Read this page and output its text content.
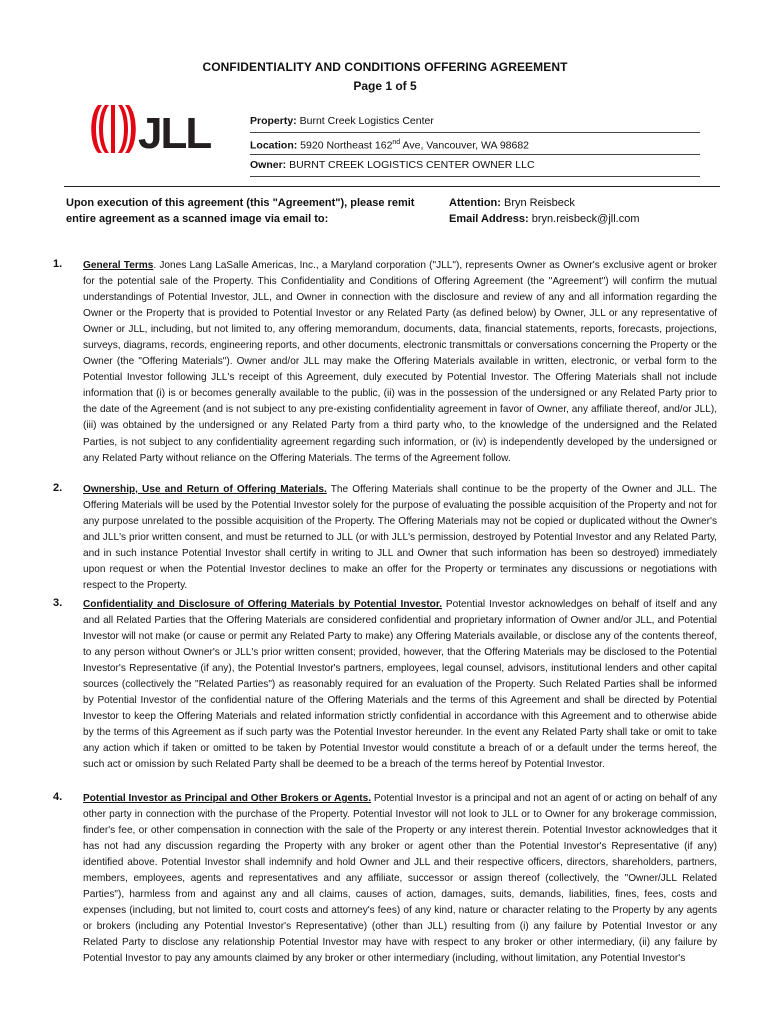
CONFIDENTIALITY AND CONDITIONS OFFERING AGREEMENT
Page 1 of 5
JLL	Property: Burnt Creek Logistics Center
Location: 5920 Northeast 162nd Ave, Vancouver, WA 98682
Owner: BURNT CREEK LOGISTICS CENTER OWNER LLC
Upon execution of this agreement (this "Agreement"), please remit entire agreement as a scanned image via email to:
Attention: Bryn Reisbeck
Email Address: bryn.reisbeck@jll.com
1. General Terms. Jones Lang LaSalle Americas, Inc., a Maryland corporation ("JLL"), represents Owner as Owner's exclusive agent or broker for the potential sale of the Property. This Confidentiality and Conditions of Offering Agreement (the "Agreement") will confirm the mutual understandings of Potential Investor, JLL, and Owner in connection with the disclosure and review of any and all information regarding the Owner or the Property that is provided to Potential Investor or any Related Party (as defined below) by Owner, JLL or any representative of Owner or JLL, including, but not limited to, any offering memorandum, documents, data, financial statements, reports, forecasts, projections, surveys, diagrams, records, engineering reports, and other documents, electronic transmittals or conversations concerning the Property or the Owner (the "Offering Materials"). Owner and/or JLL may make the Offering Materials available in written, electronic, or verbal form to the Potential Investor following JLL's receipt of this Agreement, duly executed by Potential Investor. The Offering Materials shall not include information that (i) is or becomes generally available to the public, (ii) was in the possession of the undersigned or any Related Party prior to the date of the Agreement (and is not subject to any pre-existing confidentiality agreement in favor of Owner, any affiliate thereof, and/or JLL), (iii) was obtained by the undersigned or any Related Party from a third party who, to the knowledge of the undersigned and the Related Parties, is not subject to any confidentiality agreement regarding such information, or (iv) is independently developed by the undersigned or any Related Party without reliance on the Offering Materials. The terms of the Agreement follow.
2. Ownership, Use and Return of Offering Materials. The Offering Materials shall continue to be the property of the Owner and JLL. The Offering Materials will be used by the Potential Investor solely for the purpose of evaluating the possible acquisition of the Property and not for any purpose unrelated to the possible acquisition of the Property. The Offering Materials may not be copied or duplicated without the Owner's and JLL's prior written consent, and must be returned to JLL (or with JLL's permission, destroyed by Potential Investor and any Related Party, and in such instance Potential Investor shall certify in writing to JLL and Owner that such information has been so destroyed) immediately upon request or when the Potential Investor declines to make an offer for the Property or terminates any discussions or negotiations with respect to the Property.
3. Confidentiality and Disclosure of Offering Materials by Potential Investor. Potential Investor acknowledges on behalf of itself and any and all Related Parties that the Offering Materials are considered confidential and proprietary information of Owner and/or JLL, and Potential Investor will not make (or cause or permit any Related Party to make) any Offering Materials available, or disclose any of the contents thereof, to any person without Owner's or JLL's prior written consent; provided, however, that the Offering Materials may be disclosed to the Potential Investor's Representative (if any), the Potential Investor's partners, employees, legal counsel, advisors, institutional lenders and other capital sources (collectively the "Related Parties") as reasonably required for an evaluation of the Property. Such Related Parties shall be informed by Potential Investor of the confidential nature of the Offering Materials and the terms of this Agreement and shall be directed by Potential Investor to keep the Offering Materials and related information strictly confidential in accordance with this Agreement and to otherwise abide by the terms of this Agreement as if such party was the Potential Investor hereunder. In the event any Related Party shall take or omit to take any action which if taken or omitted to be taken by Potential Investor would constitute a breach of or a default under the terms hereof, the such act or omission by such Related Party shall be deemed to be a breach of the terms hereof by Potential Investor.
4. Potential Investor as Principal and Other Brokers or Agents. Potential Investor is a principal and not an agent of or acting on behalf of any other party in connection with the purchase of the Property. Potential Investor will not look to JLL or to Owner for any brokerage commission, finder's fee, or other compensation in connection with the sale of the Property or any interest therein. Potential Investor acknowledges that it has not had any discussion regarding the Property with any broker or agent other than the Potential Investor's Representative (if any) identified above. Potential Investor shall indemnify and hold Owner and JLL and their respective officers, directors, shareholders, partners, members, employees, agents and representatives and any affiliate, successor or assign thereof (collectively, the "Owner/JLL Related Parties"), harmless from and against any and all claims, causes of action, damages, suits, demands, liabilities, fines, fees, costs and expenses (including, but not limited to, court costs and attorney's fees) of any kind, nature or character relating to the Property by any agents or brokers (including any Potential Investor's Representative) (other than JLL) resulting from (i) any failure by Potential Investor or any Related Party to disclose any relationship Potential Investor may have with respect to any broker or other intermediary, (ii) any failure by Potential Investor to pay any amounts claimed by any broker or other intermediary (including, without limitation, any Potential Investor's
